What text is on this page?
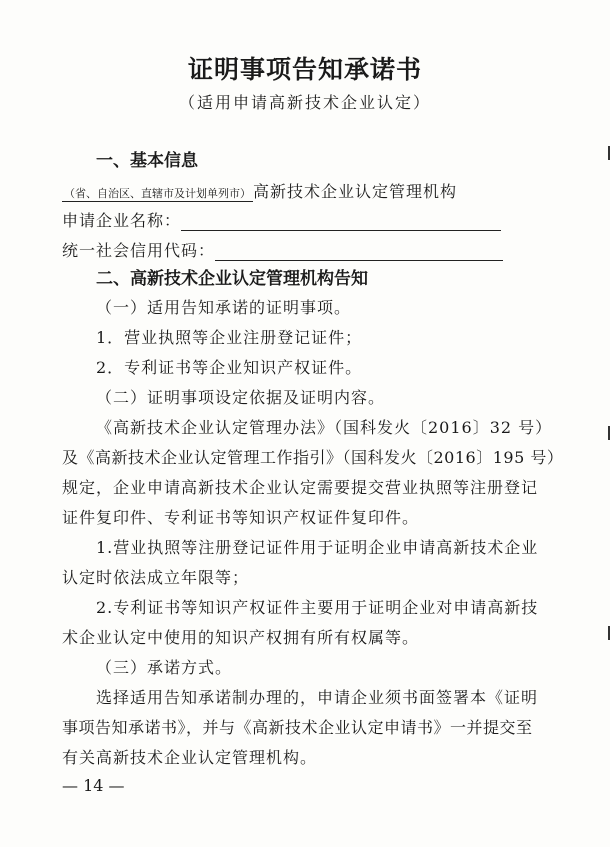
证明事项告知承诺书
（适用申请高新技术企业认定）
一、基本信息
（省、自治区、直辖市及计划单列市） 高新技术企业认定管理机构
申请企业名称：
统一社会信用代码：
二、高新技术企业认定管理机构告知
（一）适用告知承诺的证明事项。
1．营业执照等企业注册登记证件；
2．专利证书等企业知识产权证件。
（二）证明事项设定依据及证明内容。
《高新技术企业认定管理办法》（国科发火〔2016〕32 号）
及《高新技术企业认定管理工作指引》（国科发火〔2016〕195 号）
规定，企业申请高新技术企业认定需要提交营业执照等注册登记
证件复印件、专利证书等知识产权证件复印件。
1.营业执照等注册登记证件用于证明企业申请高新技术企业
认定时依法成立年限等；
2.专利证书等知识产权证件主要用于证明企业对申请高新技
术企业认定中使用的知识产权拥有所有权属等。
（三）承诺方式。
选择适用告知承诺制办理的，申请企业须书面签署本《证明
事项告知承诺书》，并与《高新技术企业认定申请书》一并提交至
有关高新技术企业认定管理机构。
— 14 —
